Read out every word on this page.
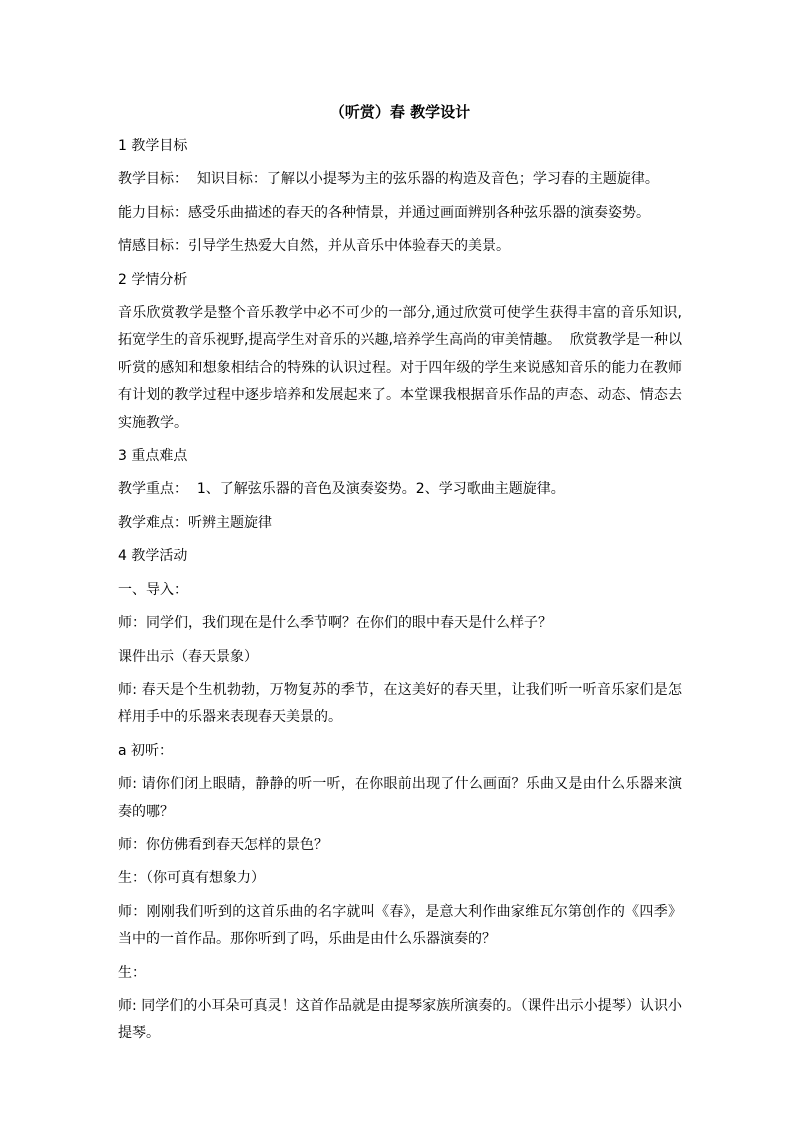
（听赏）春 教学设计

1 教学目标

教学目标：  知识目标：了解以小提琴为主的弦乐器的构造及音色；学习春的主题旋律。

能力目标：感受乐曲描述的春天的各种情景，并通过画面辨别各种弦乐器的演奏姿势。

情感目标：引导学生热爱大自然，并从音乐中体验春天的美景。

2 学情分析

音乐欣赏教学是整个音乐教学中必不可少的一部分,通过欣赏可使学生获得丰富的音乐知识,拓宽学生的音乐视野,提高学生对音乐的兴趣,培养学生高尚的审美情趣。  欣赏教学是一种以听赏的感知和想象相结合的特殊的认识过程。对于四年级的学生来说感知音乐的能力在教师有计划的教学过程中逐步培养和发展起来了。本堂课我根据音乐作品的声态、动态、情态去实施教学。

3 重点难点

教学重点：  1、了解弦乐器的音色及演奏姿势。2、学习歌曲主题旋律。

教学难点：听辨主题旋律

4 教学活动

一、导入：

师：同学们，我们现在是什么季节啊？在你们的眼中春天是什么样子？

课件出示（春天景象）

师: 春天是个生机勃勃，万物复苏的季节，在这美好的春天里，让我们听一听音乐家们是怎样用手中的乐器来表现春天美景的。

a 初听：

师: 请你们闭上眼睛，静静的听一听，在你眼前出现了什么画面？乐曲又是由什么乐器来演奏的哪？

师：你仿佛看到春天怎样的景色？

生：（你可真有想象力）

师：刚刚我们听到的这首乐曲的名字就叫《春》，是意大利作曲家维瓦尔第创作的《四季》当中的一首作品。那你听到了吗，乐曲是由什么乐器演奏的？

生：

师: 同学们的小耳朵可真灵！这首作品就是由提琴家族所演奏的。（课件出示小提琴）认识小提琴。
